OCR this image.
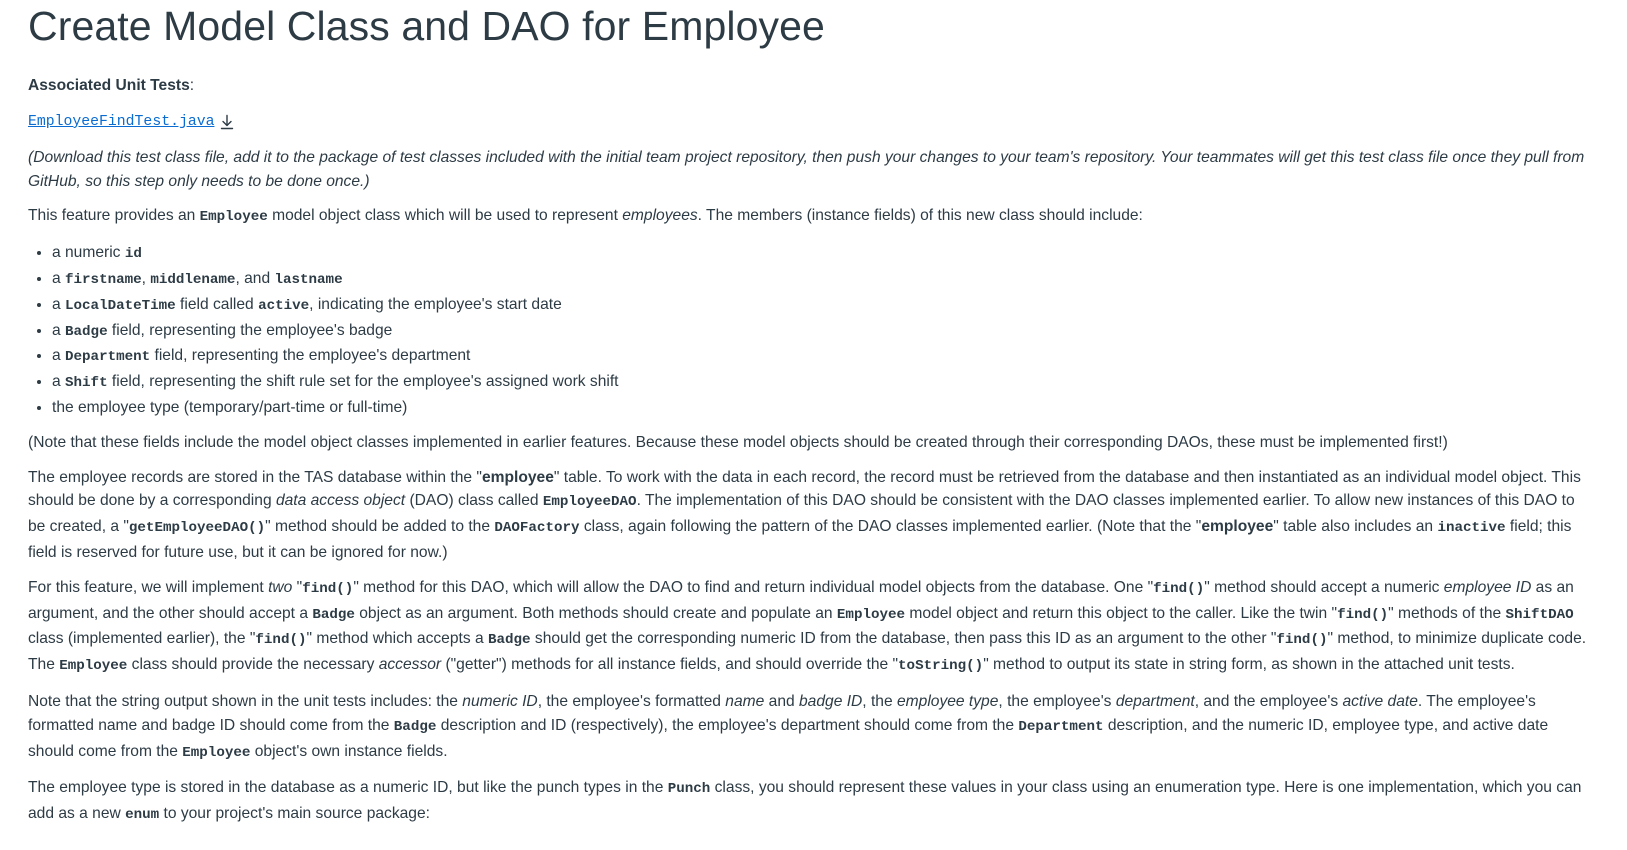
Create Model Class and DAO for Employee

Associated Unit Tests:

EmployeeFindTest.java

(Download this test class file, add it to the package of test classes included with the initial team project repository, then push your changes to your team's repository. Your teammates will get this test class file once they pull from GitHub, so this step only needs to be done once.)

This feature provides an Employee model object class which will be used to represent employees. The members (instance fields) of this new class should include:

• a numeric id
• a firstname, middlename, and lastname
• a LocalDateTime field called active, indicating the employee's start date
• a Badge field, representing the employee's badge
• a Department field, representing the employee's department
• a Shift field, representing the shift rule set for the employee's assigned work shift
• the employee type (temporary/part-time or full-time)

(Note that these fields include the model object classes implemented in earlier features. Because these model objects should be created through their corresponding DAOs, these must be implemented first!)

The employee records are stored in the TAS database within the "employee" table. To work with the data in each record, the record must be retrieved from the database and then instantiated as an individual model object. This should be done by a corresponding data access object (DAO) class called EmployeeDAO. The implementation of this DAO should be consistent with the DAO classes implemented earlier. To allow new instances of this DAO to be created, a "getEmployeeDAO()" method should be added to the DAOFactory class, again following the pattern of the DAO classes implemented earlier. (Note that the "employee" table also includes an inactive field; this field is reserved for future use, but it can be ignored for now.)

For this feature, we will implement two "find()" method for this DAO, which will allow the DAO to find and return individual model objects from the database. One "find()" method should accept a numeric employee ID as an argument, and the other should accept a Badge object as an argument. Both methods should create and populate an Employee model object and return this object to the caller. Like the twin "find()" methods of the ShiftDAO class (implemented earlier), the "find()" method which accepts a Badge should get the corresponding numeric ID from the database, then pass this ID as an argument to the other "find()" method, to minimize duplicate code. The Employee class should provide the necessary accessor ("getter") methods for all instance fields, and should override the "toString()" method to output its state in string form, as shown in the attached unit tests.

Note that the string output shown in the unit tests includes: the numeric ID, the employee's formatted name and badge ID, the employee type, the employee's department, and the employee's active date. The employee's formatted name and badge ID should come from the Badge description and ID (respectively), the employee's department should come from the Department description, and the numeric ID, employee type, and active date should come from the Employee object's own instance fields.

The employee type is stored in the database as a numeric ID, but like the punch types in the Punch class, you should represent these values in your class using an enumeration type. Here is one implementation, which you can add as a new enum to your project's main source package:
